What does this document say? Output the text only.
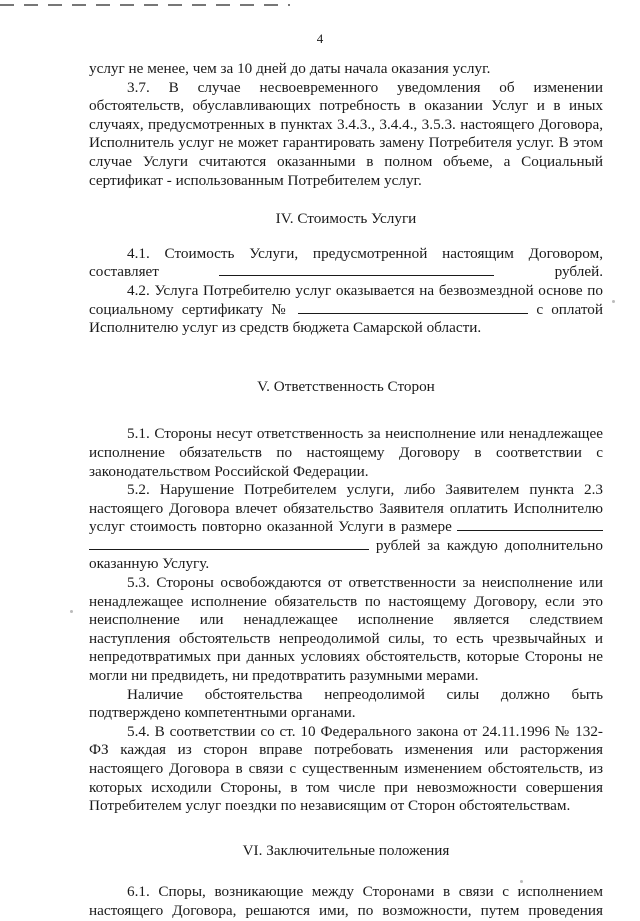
4

услуг не менее, чем за 10 дней до даты начала оказания услуг.

3.7. В случае несвоевременного уведомления об изменении обстоятельств, обуславливающих потребность в оказании Услуг и в иных случаях, предусмотренных в пунктах 3.4.3., 3.4.4., 3.5.3. настоящего Договора, Исполнитель услуг не может гарантировать замену Потребителя услуг. В этом случае Услуги считаются оказанными в полном объеме, а Социальный сертификат - использованным Потребителем услуг.

IV. Стоимость Услуги

4.1. Стоимость Услуги, предусмотренной настоящим Договором, составляет	рублей.

4.2. Услуга Потребителю услуг оказывается на безвозмездной основе по социальному сертификату №	с оплатой Исполнителю услуг из средств бюджета Самарской области.

V. Ответственность Сторон

5.1. Стороны несут ответственность за неисполнение или ненадлежащее исполнение обязательств по настоящему Договору в соответствии с законодательством Российской Федерации.

5.2. Нарушение Потребителем услуги, либо Заявителем пункта 2.3 настоящего Договора влечет обязательство Заявителя оплатить Исполнителю услуг стоимость повторно оказанной Услуги в размере   рублей за каждую дополнительно оказанную Услугу.

5.3. Стороны освобождаются от ответственности за неисполнение или ненадлежащее исполнение обязательств по настоящему Договору, если это неисполнение или ненадлежащее исполнение является следствием наступления обстоятельств непреодолимой силы, то есть чрезвычайных и непредотвратимых при данных условиях обстоятельств, которые Стороны не могли ни предвидеть, ни предотвратить разумными мерами.

Наличие обстоятельства непреодолимой силы должно быть

подтверждено компетентными органами.

5.4. В соответствии со ст. 10 Федерального закона от 24.11.1996 № 132-ФЗ каждая из сторон вправе потребовать изменения или расторжения настоящего Договора в связи с существенным изменением обстоятельств, из которых исходили Стороны, в том числе при невозможности совершения Потребителем услуг поездки по независящим от Сторон обстоятельствам.

VI. Заключительные положения

6.1. Споры, возникающие между Сторонами в связи с исполнением настоящего Договора, решаются ими, по возможности, путем проведения
